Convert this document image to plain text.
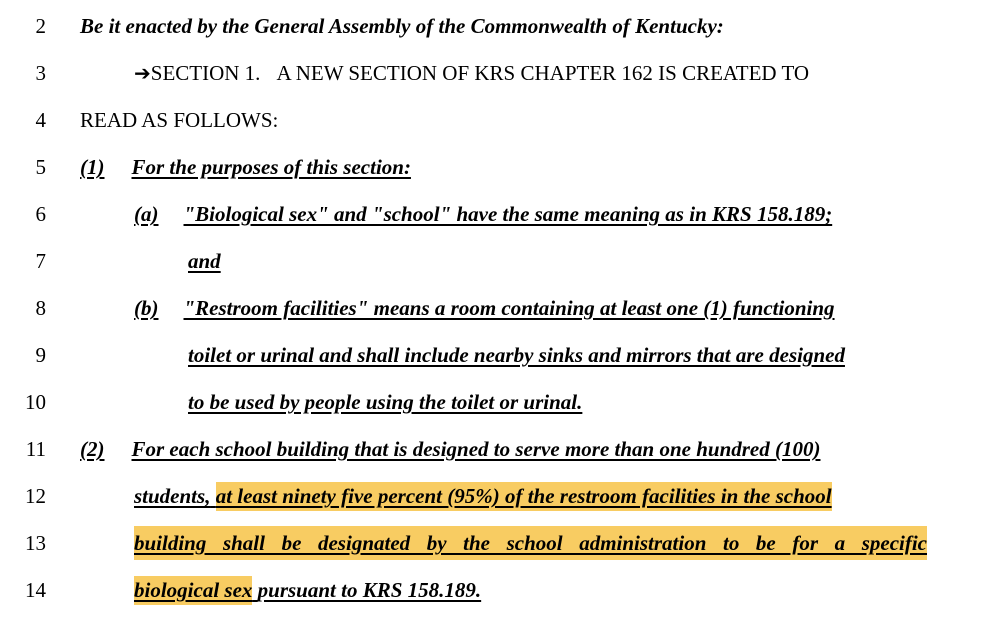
2 Be it enacted by the General Assembly of the Commonwealth of Kentucky:
3	➔SECTION 1. A NEW SECTION OF KRS CHAPTER 162 IS CREATED TO
4 READ AS FOLLOWS:
5 (1) For the purposes of this section:
6	(a) "Biological sex" and "school" have the same meaning as in KRS 158.189;
7	and
8	(b) "Restroom facilities" means a room containing at least one (1) functioning
9	toilet or urinal and shall include nearby sinks and mirrors that are designed
10	to be used by people using the toilet or urinal.
11 (2) For each school building that is designed to serve more than one hundred (100)
12	students, at least ninety five percent (95%) of the restroom facilities in the school
13	building shall be designated by the school administration to be for a specific
14	biological sex pursuant to KRS 158.189.
